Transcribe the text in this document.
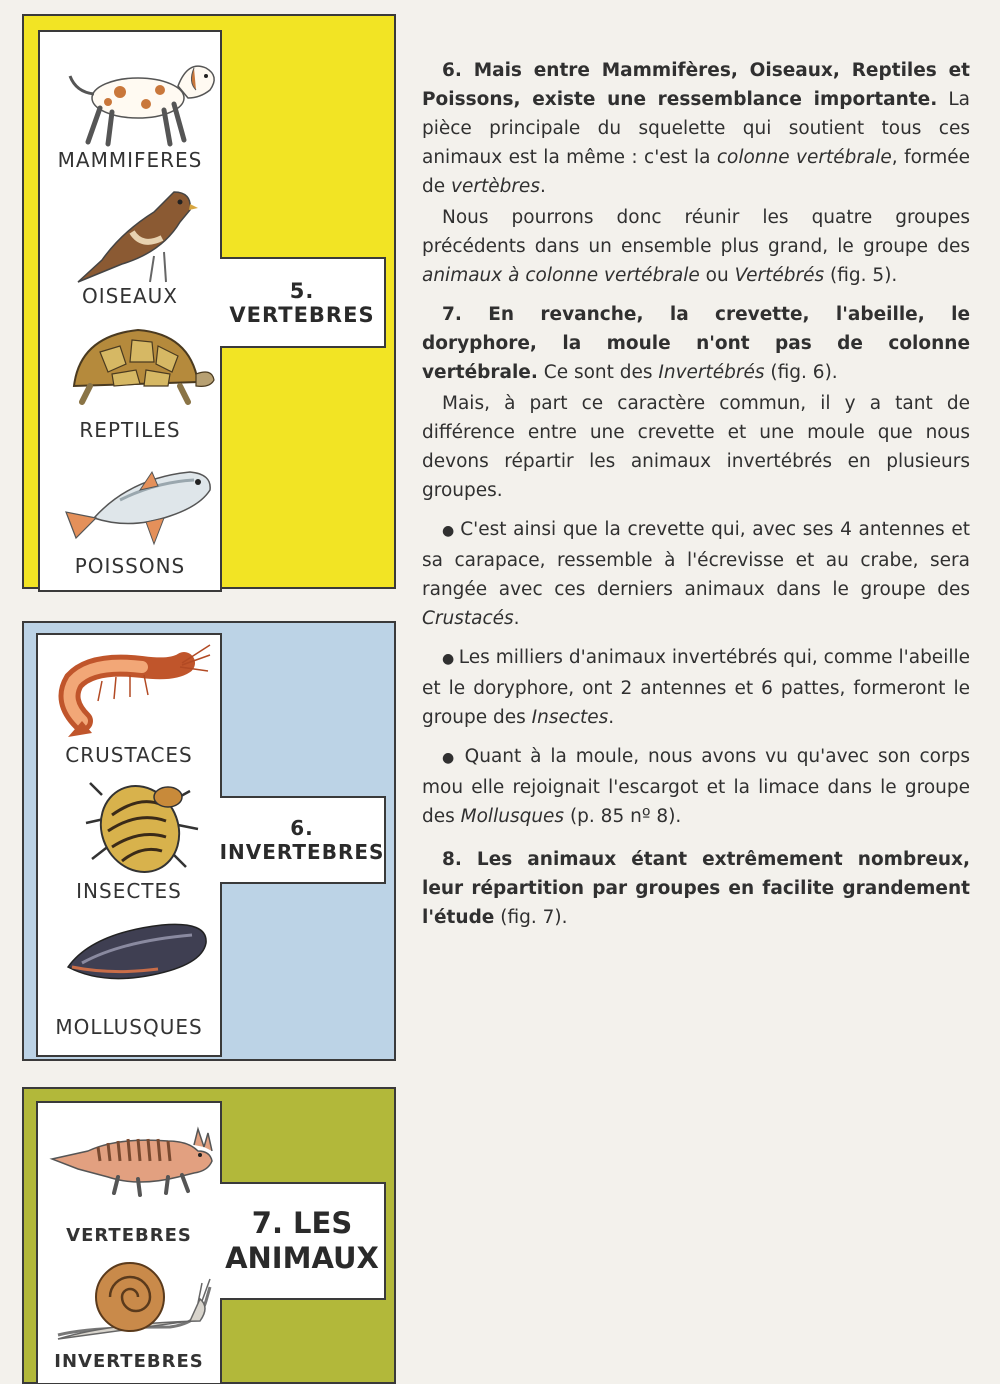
MAMMIFERES
OISEAUX
REPTILES
POISSONS
5.
VERTEBRES
CRUSTACES
INSECTES
MOLLUSQUES
6.
INVERTEBRES
VERTEBRES
INVERTEBRES
7. LES
ANIMAUX

6. Mais entre Mammifères, Oiseaux, Reptiles et Poissons, existe une ressemblance importante. La pièce principale du squelette qui soutient tous ces animaux est la même : c'est la colonne vertébrale, formée de vertèbres.

Nous pourrons donc réunir les quatre groupes précédents dans un ensemble plus grand, le groupe des animaux à colonne vertébrale ou Vertébrés (fig. 5).

7. En revanche, la crevette, l'abeille, le doryphore, la moule n'ont pas de colonne vertébrale. Ce sont des Invertébrés (fig. 6).

Mais, à part ce caractère commun, il y a tant de différence entre une crevette et une moule que nous devons répartir les animaux invertébrés en plusieurs groupes.

● C'est ainsi que la crevette qui, avec ses 4 antennes et sa carapace, ressemble à l'écrevisse et au crabe, sera rangée avec ces derniers animaux dans le groupe des Crustacés.

● Les milliers d'animaux invertébrés qui, comme l'abeille et le doryphore, ont 2 antennes et 6 pattes, formeront le groupe des Insectes.

● Quant à la moule, nous avons vu qu'avec son corps mou elle rejoignait l'escargot et la limace dans le groupe des Mollusques (p. 85 nº 8).

8. Les animaux étant extrêmement nombreux, leur répartition par groupes en facilite grandement l'étude (fig. 7).
